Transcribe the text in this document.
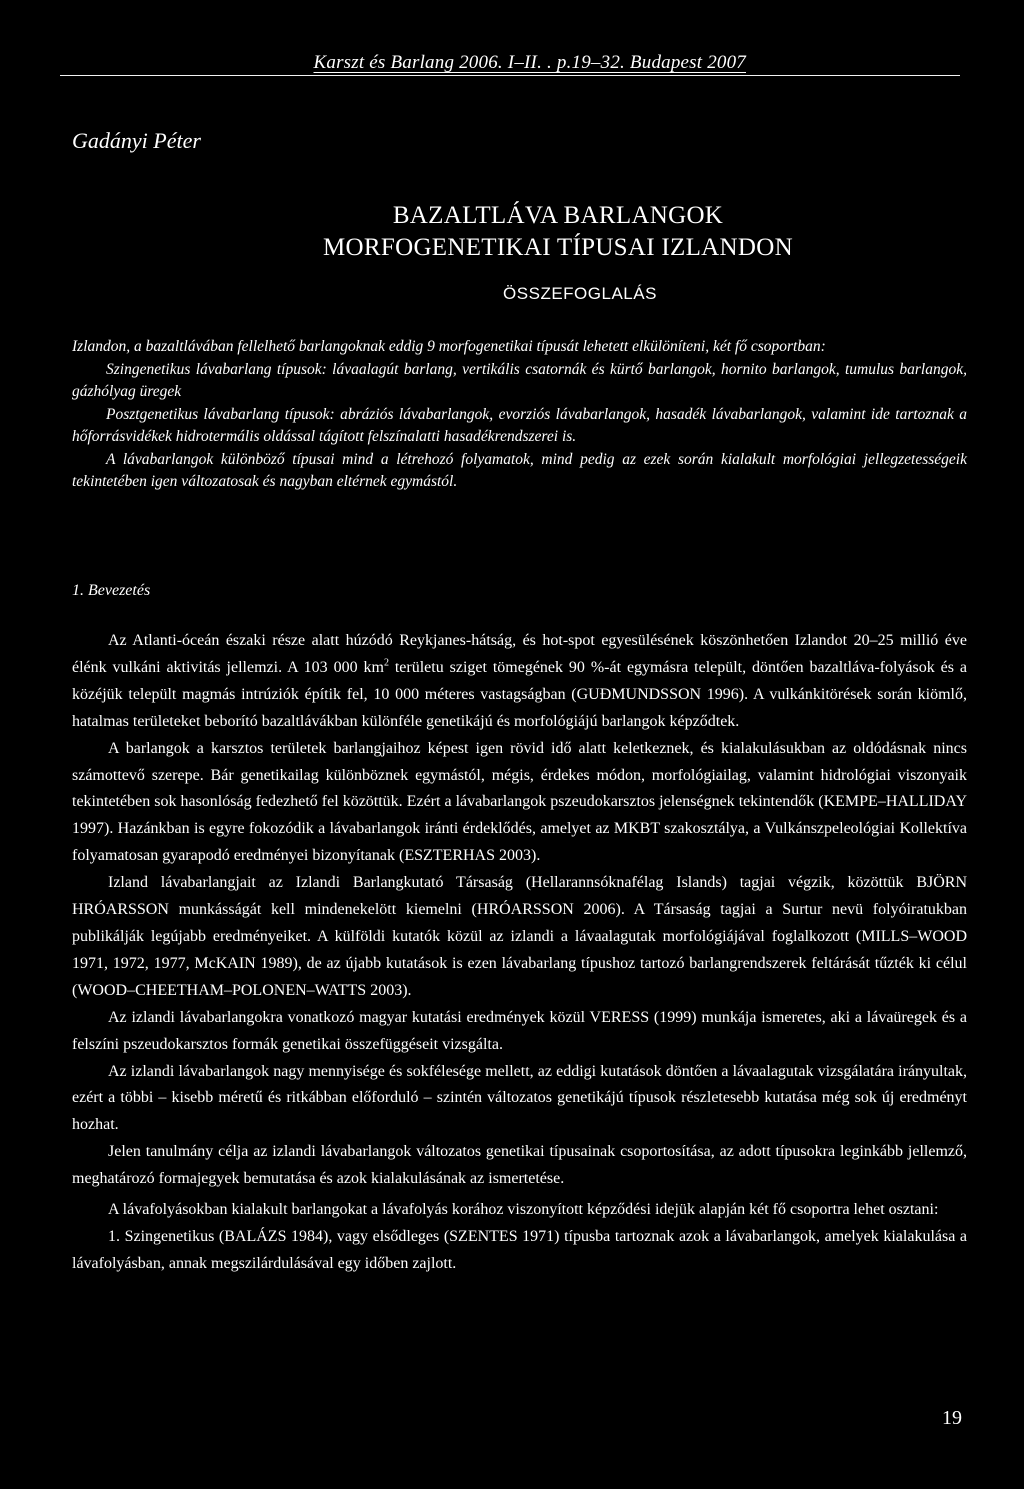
Karszt és Barlang 2006. I–II. . p.19–32. Budapest 2007
Gadányi Péter
BAZALTLÁVA BARLANGOK
MORFOGENETIKAI TÍPUSAI IZLANDON
ÖSSZEFOGLALÁS
Izlandon, a bazaltlávában fellelhető barlangoknak eddig 9 morfogenetikai típusát lehetett elkülöníteni, két fő csoportban:
Szingenetikus lávabarlang típusok: lávaalagút barlang, vertikális csatornák és kürtő barlangok, hornito barlangok, tumulus barlangok, gázhólyag üregek
Posztgenetikus lávabarlang típusok: abráziós lávabarlangok, evorziós lávabarlangok, hasadék lávabarlangok, valamint ide tartoznak a hőforrásvidékek hidrotermális oldással tágított felszínalatti hasadékrendszerei is.
A lávabarlangok különböző típusai mind a létrehozó folyamatok, mind pedig az ezek során kialakult morfológiai jellegzetességeik tekintetében igen változatosak és nagyban eltérnek egymástól.
1. Bevezetés
Az Atlanti-óceán északi része alatt húzódó Reykjanes-hátság, és hot-spot egyesülésének köszönhetően Izlandot 20–25 millió éve élénk vulkáni aktivitás jellemzi. A 103 000 $km^2$ területu sziget tömegének 90 %-át egymásra települt, döntően bazaltláva-folyások és a közéjük települt magmás intrúziók építik fel, 10 000 méteres vastagságban (GUÐMUNDSSON 1996). A vulkánkitörések során kiömlő, hatalmas területeket beborító bazaltlávákban különféle genetikájú és morfológiájú barlangok képződtek.
A barlangok a karsztos területek barlangjaihoz képest igen rövid idő alatt keletkeznek, és kialakulásukban az oldódásnak nincs számottevő szerepe. Bár genetikailag különböznek egymástól, mégis, érdekes módon, morfológiailag, valamint hidrológiai viszonyaik tekintetében sok hasonlóság fedezhető fel közöttük. Ezért a lávabarlangok pszeudokarsztos jelenségnek tekintendők (KEMPE–HALLIDAY 1997). Hazánkban is egyre fokozódik a lávabarlangok iránti érdeklődés, amelyet az MKBT szakosztálya, a Vulkánszpeleológiai Kollektíva folyamatosan gyarapodó eredményei bizonyítanak (ESZTERHAS 2003).
Izland lávabarlangjait az Izlandi Barlangkutató Társaság (Hellarannsóknafélag Islands) tagjai végzik, közöttük BJÖRN HRÓARSSON munkásságát kell mindenekelött kiemelni (HRÓARSSON 2006). A Társaság tagjai a Surtur nevü folyóiratukban publikálják legújabb eredményeiket. A külföldi kutatók közül az izlandi a lávaalagutak morfológiájával foglalkozott (MILLS–WOOD 1971, 1972, 1977, McKAIN 1989), de az újabb kutatások is ezen lávabarlang típushoz tartozó barlangrendszerek feltárását tűzték ki célul (WOOD–CHEETHAM–POLONEN–WATTS 2003).
Az izlandi lávabarlangokra vonatkozó magyar kutatási eredmények közül VERESS (1999) munkája ismeretes, aki a lávaüregek és a felszíni pszeudokarsztos formák genetikai összefüggéseit vizsgálta.
Az izlandi lávabarlangok nagy mennyisége és sokfélesége mellett, az eddigi kutatások döntően a lávaalagutak vizsgálatára irányultak, ezért a többi – kisebb méretű és ritkábban előforduló – szintén változatos genetikájú típusok részletesebb kutatása még sok új eredményt hozhat.
Jelen tanulmány célja az izlandi lávabarlangok változatos genetikai típusainak csoportosítása, az adott típusokra leginkább jellemző, meghatározó formajegyek bemutatása és azok kialakulásának az ismertetése.
A lávafolyásokban kialakult barlangokat a lávafolyás korához viszonyított képződési idejük alapján két fő csoportra lehet osztani:
1. Szingenetikus (BALÁZS 1984), vagy elsődleges (SZENTES 1971) típusba tartoznak azok a lávabarlangok, amelyek kialakulása a lávafolyásban, annak megszilárdulásával egy időben zajlott.
19
